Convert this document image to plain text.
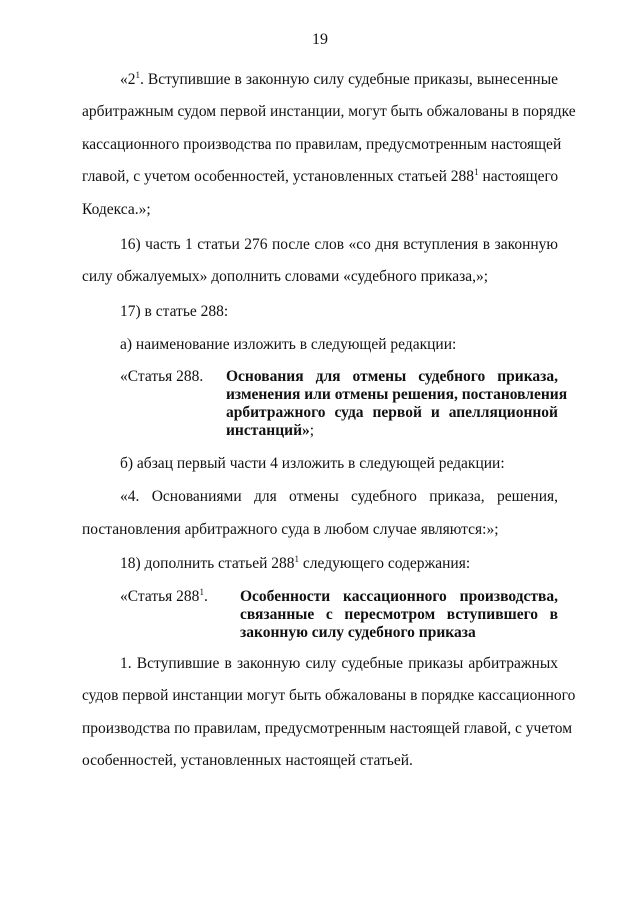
19
«$2^1$. Вступившие в законную силу судебные приказы, вынесенные
арбитражным судом первой инстанции, могут быть обжалованы в порядке
кассационного производства по правилам, предусмотренным настоящей
главой, с учетом особенностей, установленных статьей $288^1$ настоящего
Кодекса.»;
16) часть 1 статьи 276 после слов «со дня вступления в законную
силу обжалуемых» дополнить словами «судебного приказа,»;
17) в статье 288:
а) наименование изложить в следующей редакции:
«Статья 288. Основания для отмены судебного приказа,
изменения или отмены решения, постановления
арбитражного суда первой и апелляционной
инстанций»;
б) абзац первый части 4 изложить в следующей редакции:
«4. Основаниями для отмены судебного приказа, решения,
постановления арбитражного суда в любом случае являются:»;
18) дополнить статьей $288^1$ следующего содержания:
«Статья $288^1$. Особенности кассационного производства,
связанные с пересмотром вступившего в
законную силу судебного приказа
1. Вступившие в законную силу судебные приказы арбитражных
судов первой инстанции могут быть обжалованы в порядке кассационного
производства по правилам, предусмотренным настоящей главой, с учетом
особенностей, установленных настоящей статьей.
